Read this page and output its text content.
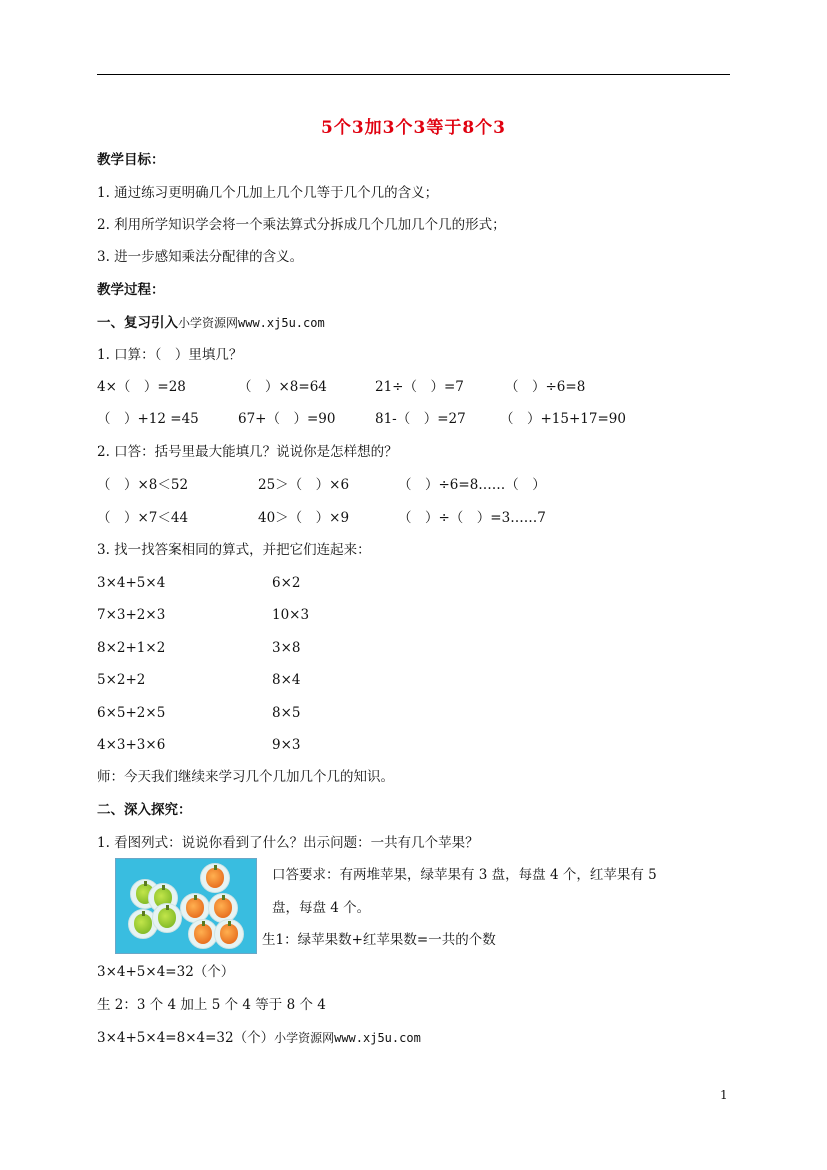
5个3加3个3等于8个3
教学目标：
1. 通过练习更明确几个几加上几个几等于几个几的含义；
2. 利用所学知识学会将一个乘法算式分拆成几个几加几个几的形式；
3. 进一步感知乘法分配律的含义。
教学过程：
一、复习引入小学资源网www.xj5u.com
1. 口算：（　）里填几？
4×（　）=28	（　）×8=64	21÷（　）=7	（　）÷6=8
（　）+12 =45	67+（　）=90	81-（　）=27	（　）+15+17=90
2. 口答：括号里最大能填几？说说你是怎样想的？
（　）×8＜52	25＞（　）×6	（　）÷6=8……（　）
（　）×7＜44	40＞（　）×9	（　）÷（　）=3……7
3. 找一找答案相同的算式，并把它们连起来：
3×4+5×4	6×2
7×3+2×3	10×3
8×2+1×2	3×8
5×2+2	8×4
6×5+2×5	8×5
4×3+3×6	9×3
师：今天我们继续来学习几个几加几个几的知识。
二、深入探究：
1. 看图列式：说说你看到了什么？出示问题：一共有几个苹果？
口答要求：有两堆苹果，绿苹果有 3 盘，每盘 4 个，红苹果有 5
盘，每盘 4 个。
生1：绿苹果数+红苹果数=一共的个数
3×4+5×4=32（个）
生 2：3 个 4 加上 5 个 4 等于 8 个 4
3×4+5×4=8×4=32（个）小学资源网www.xj5u.com
1
